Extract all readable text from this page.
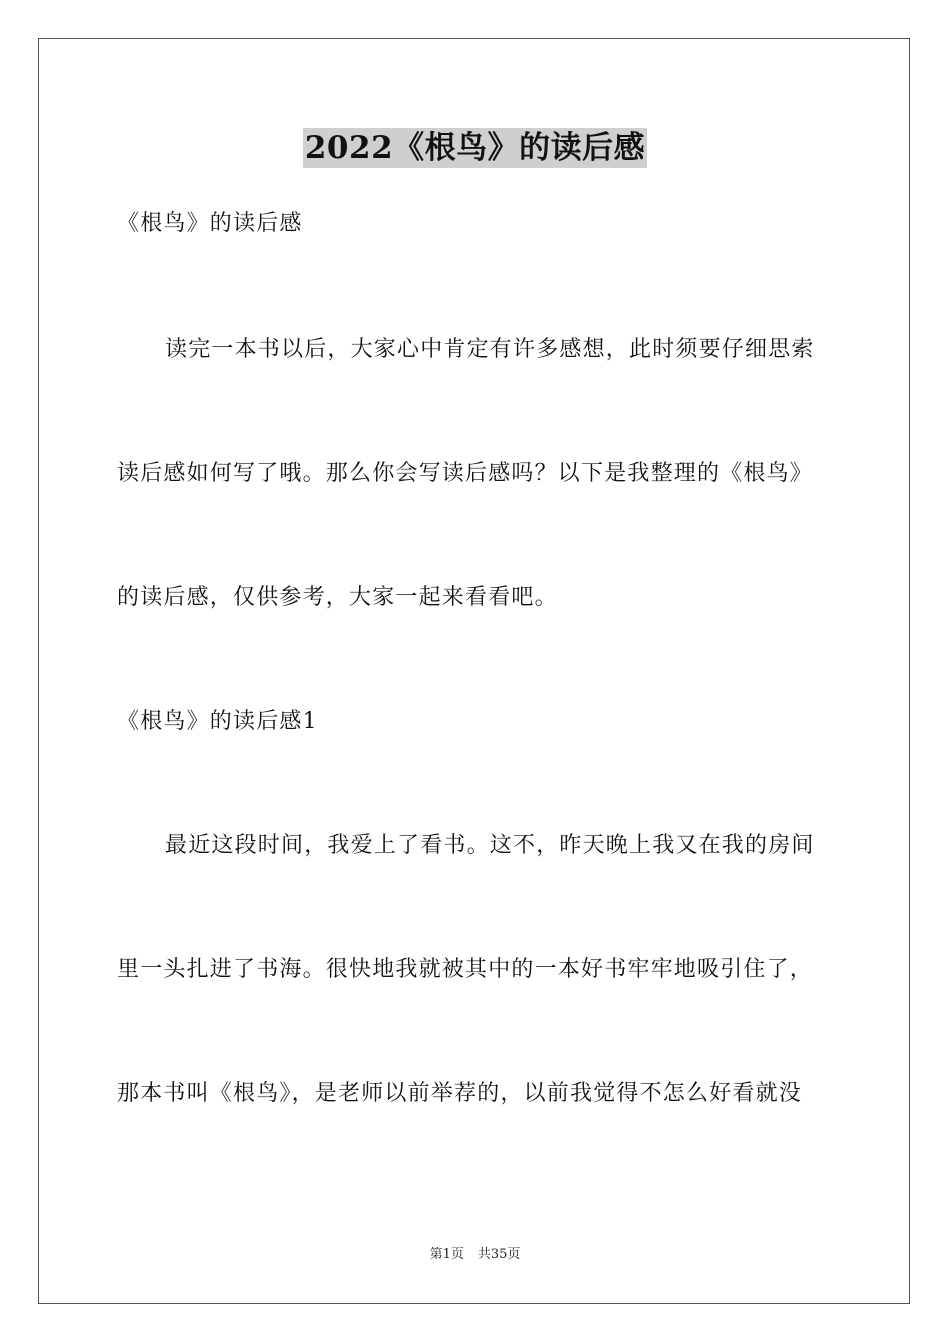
2022《根鸟》的读后感
《根鸟》的读后感
读完一本书以后，大家心中肯定有许多感想，此时须要仔细思索
读后感如何写了哦。那么你会写读后感吗？以下是我整理的《根鸟》
的读后感，仅供参考，大家一起来看看吧。
《根鸟》的读后感1
最近这段时间，我爱上了看书。这不，昨天晚上我又在我的房间
里一头扎进了书海。很快地我就被其中的一本好书牢牢地吸引住了，
那本书叫《根鸟》，是老师以前举荐的，以前我觉得不怎么好看就没
第1页 共35页
